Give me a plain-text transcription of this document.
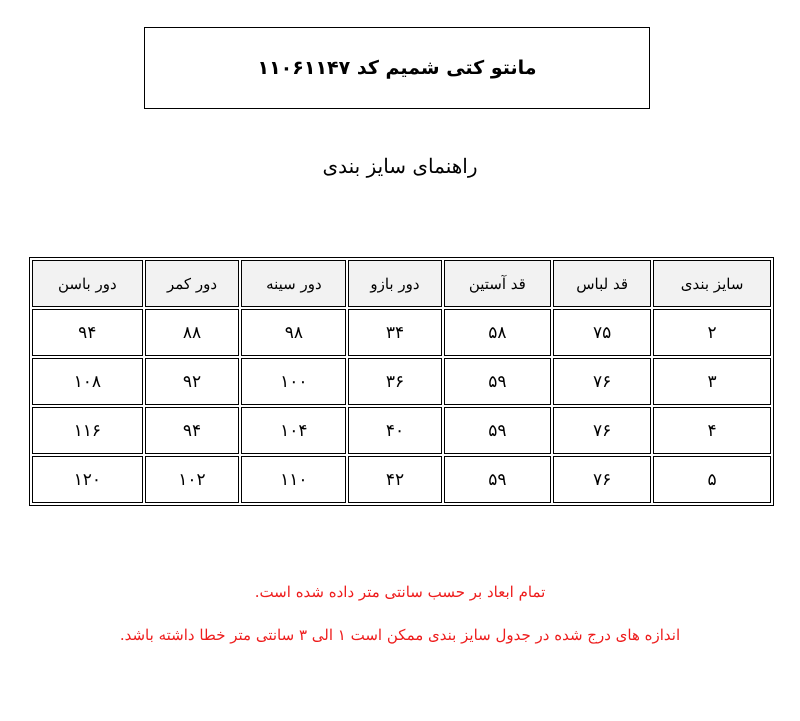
مانتو کتی شمیم کد ۱۱۰۶۱۱۴۷
راهنمای سایز بندی
سایز بندی	قد لباس	قد آستین	دور بازو	دور سینه	دور کمر	دور باسن
۲	۷۵	۵۸	۳۴	۹۸	۸۸	۹۴
۳	۷۶	۵۹	۳۶	۱۰۰	۹۲	۱۰۸
۴	۷۶	۵۹	۴۰	۱۰۴	۹۴	۱۱۶
۵	۷۶	۵۹	۴۲	۱۱۰	۱۰۲	۱۲۰
تمام ابعاد بر حسب سانتی متر داده شده است.
اندازه های درج شده در جدول سایز بندی ممکن است ۱ الی ۳ سانتی متر خطا داشته باشد.
